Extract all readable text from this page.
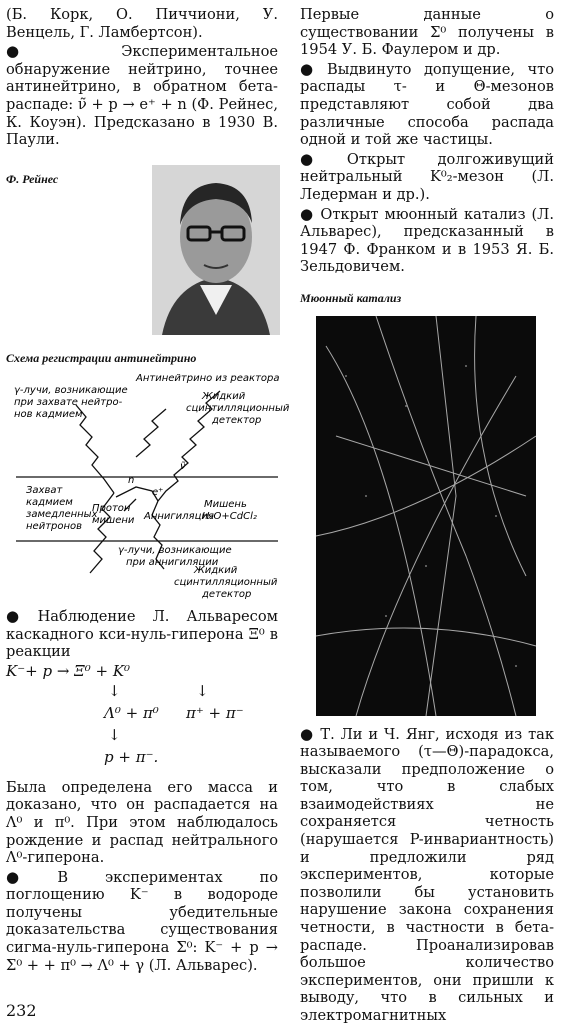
(Б. Корк, О. Пиччиони, У. Венцель, Г. Ламбертсон).

● Экспериментальное обнаружение нейтрино, точнее антинейтрино, в обратном бета-распаде: ν̃ + p → e⁺ + n (Ф. Рейнес, К. Коуэн). Предсказано в 1930 В. Паули.

Ф. Рейнес

Схема регистрации антинейтрино

Антинейтрино из реактора
γ-лучи, возникающие
при захвате нейтро-
нов кадмием
Жидкий
сцинтилляционный
детектор
Захват
кадмием
замедленных
нейтронов
Протон
мишени Аннигиляция
Мишень
H₂O+CdCl₂
γ-лучи, возникающие
при аннигиляции
Жидкий
сцинтилляционный
детектор
n
ν̃
e⁺

● Наблюдение Л. Альваресом каскадного кси-нуль-гиперона Ξ⁰ в реакции

K⁻+ p → Ξ⁰ + K⁰
↓	↓
Λ⁰ + π⁰ π⁺ + π⁻
↓
p + π⁻.

Была определена его масса и доказано, что он распадается на Λ⁰ и π⁰. При этом наблюдалось рождение и распад нейтрального Λ⁰-гиперона.

● В экспериментах по поглощению K⁻ в водороде получены убедительные доказательства существования сигма-нуль-гиперона Σ⁰: K⁻ + p → Σ⁰ + + π⁰ → Λ⁰ + γ (Л. Альварес).

Первые данные о существовании Σ⁰ получены в 1954 У. Б. Фаулером и др.

● Выдвинуто допущение, что распады τ- и Θ-мезонов представляют собой два различные способа распада одной и той же частицы.

● Открыт долгоживущий нейтральный K⁰₂-мезон (Л. Ледерман и др.).

● Открыт мюонный катализ (Л. Альварес), предсказанный в 1947 Ф. Франком и в 1953 Я. Б. Зельдовичем.

Мюонный катализ

● Т. Ли и Ч. Янг, исходя из так называемого (τ—Θ)-парадокса, высказали предположение о том, что в слабых взаимодействиях не сохраняется четность (нарушается P-инвариантность) и предложили ряд экспериментов, которые позволили бы установить нарушение закона сохранения четности, в частности в бета-распаде. Проанализировав большое количество экспериментов, они пришли к выводу, что в сильных и электромагнитных

232
